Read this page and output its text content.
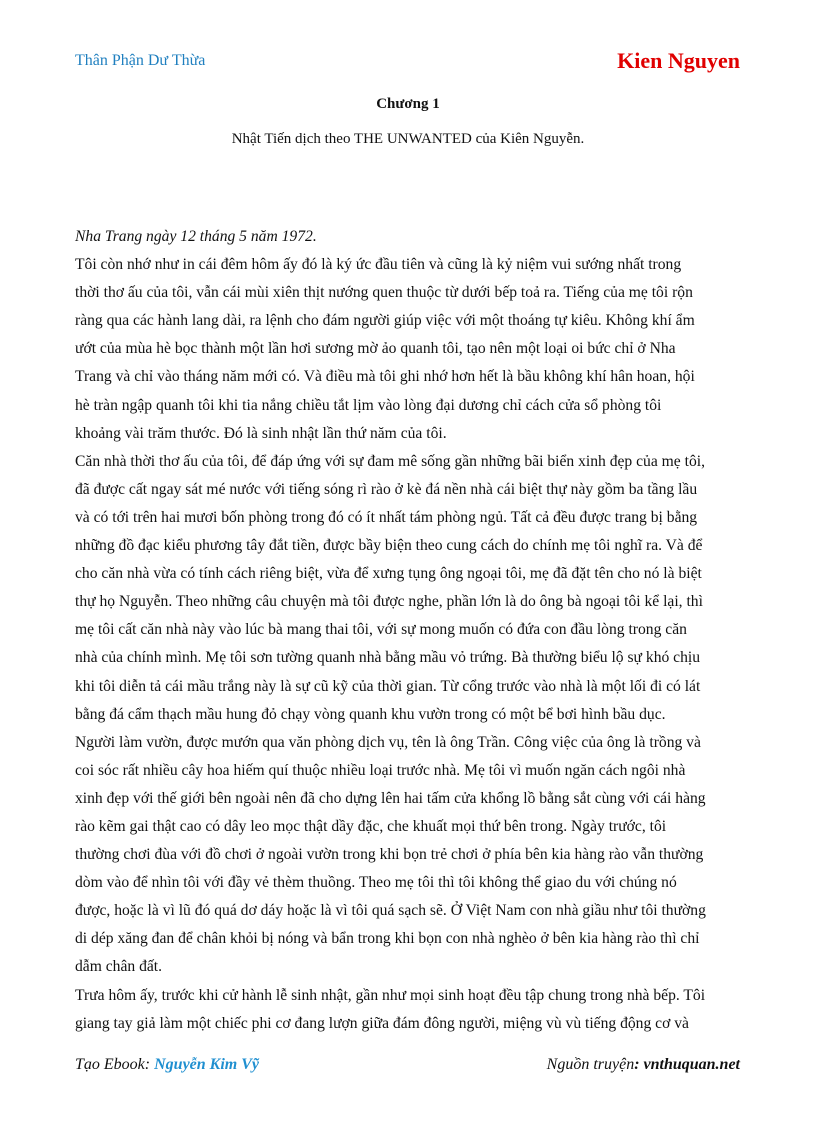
Thân Phận Dư Thừa	Kien Nguyen
Chương 1
Nhật Tiến dịch theo THE UNWANTED của Kiên Nguyễn.
Nha Trang ngày 12 tháng 5 năm 1972.
Tôi còn nhớ như in cái đêm hôm ấy đó là ký ức đầu tiên và cũng là kỷ niệm vui sướng nhất trong
thời thơ ấu của tôi, vẫn cái mùi xiên thịt nướng quen thuộc từ dưới bếp toả ra. Tiếng của mẹ tôi rộn
ràng qua các hành lang dài, ra lệnh cho đám người giúp việc với một thoáng tự kiêu. Không khí ẩm
ướt của mùa hè bọc thành một lần hơi sương mờ ảo quanh tôi, tạo nên một loại oi bức chỉ ở Nha
Trang và chỉ vào tháng năm mới có. Và điều mà tôi ghi nhớ hơn hết là bầu không khí hân hoan, hội
hè tràn ngập quanh tôi khi tia nắng chiều tắt lịm vào lòng đại dương chỉ cách cửa sổ phòng tôi
khoảng vài trăm thước. Đó là sinh nhật lần thứ năm của tôi.
Căn nhà thời thơ ấu của tôi, để đáp ứng với sự đam mê sống gần những bãi biển xinh đẹp của mẹ tôi,
đã được cất ngay sát mé nước với tiếng sóng rì rào ở kè đá nền nhà cái biệt thự này gồm ba tầng lầu
và có tới trên hai mươi bốn phòng trong đó có ít nhất tám phòng ngủ. Tất cả đều được trang bị bằng
những đồ đạc kiểu phương tây đắt tiền, được bầy biện theo cung cách do chính mẹ tôi nghĩ ra. Và để
cho căn nhà vừa có tính cách riêng biệt, vừa để xưng tụng ông ngoại tôi, mẹ đã đặt tên cho nó là biệt
thự họ Nguyễn. Theo những câu chuyện mà tôi được nghe, phần lớn là do ông bà ngoại tôi kể lại, thì
mẹ tôi cất căn nhà này vào lúc bà mang thai tôi, với sự mong muốn có đứa con đầu lòng trong căn
nhà của chính mình. Mẹ tôi sơn tường quanh nhà bằng mầu vỏ trứng. Bà thường biểu lộ sự khó chịu
khi tôi diễn tả cái mầu trắng này là sự cũ kỹ của thời gian. Từ cổng trước vào nhà là một lối đi có lát
bằng đá cẩm thạch mầu hung đỏ chạy vòng quanh khu vườn trong có một bể bơi hình bầu dục.
Người làm vườn, được mướn qua văn phòng dịch vụ, tên là ông Trần. Công việc của ông là trồng và
coi sóc rất nhiều cây hoa hiếm quí thuộc nhiều loại trước nhà. Mẹ tôi vì muốn ngăn cách ngôi nhà
xinh đẹp với thế giới bên ngoài nên đã cho dựng lên hai tấm cửa khổng lồ bằng sắt cùng với cái hàng
rào kẽm gai thật cao có dây leo mọc thật dầy đặc, che khuất mọi thứ bên trong. Ngày trước, tôi
thường chơi đùa với đồ chơi ở ngoài vườn trong khi bọn trẻ chơi ở phía bên kia hàng rào vẫn thường
dòm vào để nhìn tôi với đầy vẻ thèm thuồng. Theo mẹ tôi thì tôi không thể giao du với chúng nó
được, hoặc là vì lũ đó quá dơ dáy hoặc là vì tôi quá sạch sẽ. Ở Việt Nam con nhà giầu như tôi thường
di dép xăng đan để chân khỏi bị nóng và bẩn trong khi bọn con nhà nghèo ở bên kia hàng rào thì chỉ
dẫm chân đất.
Trưa hôm ấy, trước khi cử hành lễ sinh nhật, gần như mọi sinh hoạt đều tập chung trong nhà bếp. Tôi
giang tay giả làm một chiếc phi cơ đang lượn giữa đám đông người, miệng vù vù tiếng động cơ và
Tạo Ebook: Nguyễn Kim Vỹ	Nguồn truyện: vnthuquan.net
